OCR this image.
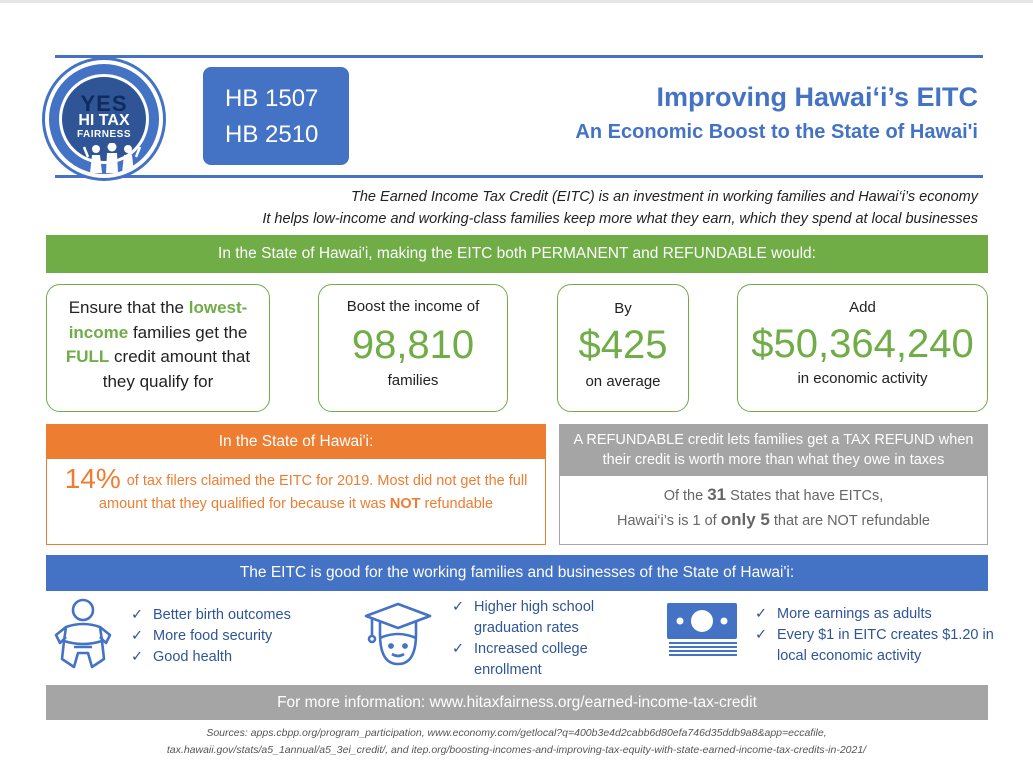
YES
HI TAX
FAIRNESS
HB 1507
HB 2510
Improving Hawai‘i’s EITC
An Economic Boost to the State of Hawai'i
The Earned Income Tax Credit (EITC) is an investment in working families and Hawai‘i’s economy
It helps low-income and working-class families keep more what they earn, which they spend at local businesses
In the State of Hawai'i, making the EITC both PERMANENT and REFUNDABLE would:
Ensure that the lowest-income families get the FULL credit amount that they qualify for
Boost the income of
98,810
families
By
$425
on average
Add
$50,364,240
in economic activity
In the State of Hawai'i:
14% of tax filers claimed the EITC for 2019. Most did not get the full amount that they qualified for because it was NOT refundable
A REFUNDABLE credit lets families get a TAX REFUND when their credit is worth more than what they owe in taxes
Of the 31 States that have EITCs,
Hawai‘i’s is 1 of only 5 that are NOT refundable
The EITC is good for the working families and businesses of the State of Hawai'i:
✓ Better birth outcomes
✓ More food security
✓ Good health
✓ Higher high school graduation rates
✓ Increased college enrollment
✓ More earnings as adults
✓ Every $1 in EITC creates $1.20 in local economic activity
For more information: www.hitaxfairness.org/earned-income-tax-credit
Sources: apps.cbpp.org/program_participation, www.economy.com/getlocal?q=400b3e4d2cabb6d80efa746d35ddb9a8&app=eccafile,
tax.hawaii.gov/stats/a5_1annual/a5_3ei_credit/, and itep.org/boosting-incomes-and-improving-tax-equity-with-state-earned-income-tax-credits-in-2021/
